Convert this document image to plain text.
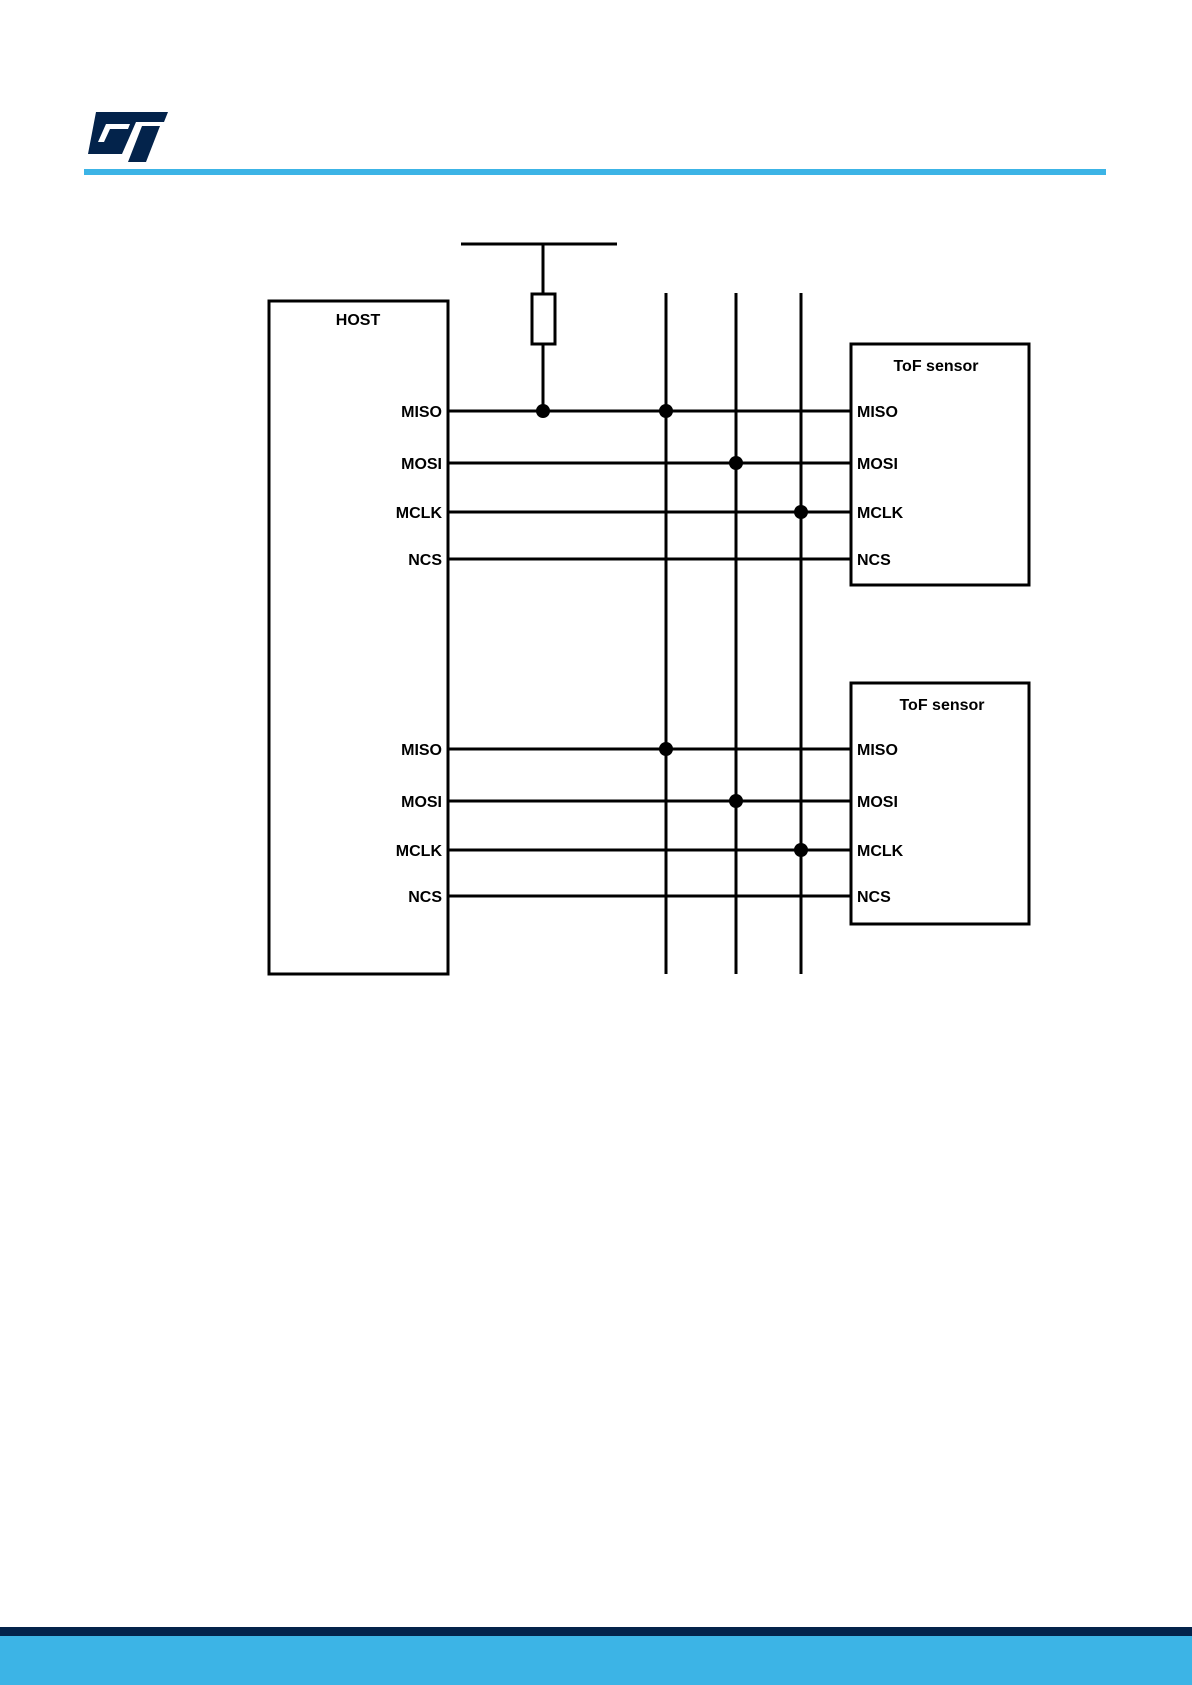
HOST
MISO
MOSI
MCLK
NCS
MISO
MOSI
MCLK
NCS
ToF sensor
MISO
MOSI
MCLK
NCS
ToF sensor
MISO
MOSI
MCLK
NCS
